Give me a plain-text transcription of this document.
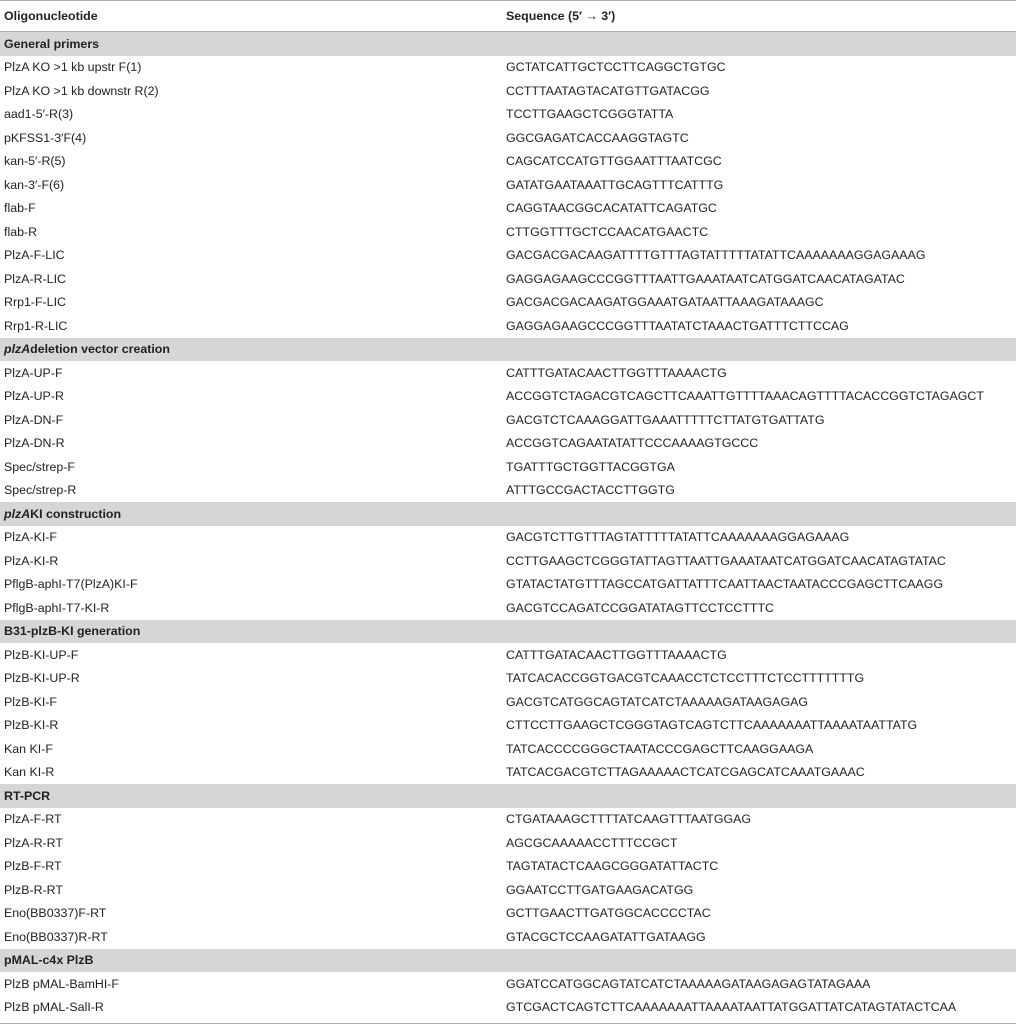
Oligonucleotide	Sequence (5′ → 3′)
General primers
PlzA KO >1 kb upstr F(1)	GCTATCATTGCTCCTTCAGGCTGTGC
PlzA KO >1 kb downstr R(2)	CCTTTAATAGTACATGTTGATACGG
aad1-5′-R(3)	TCCTTGAAGCTCGGGTATTA
pKFSS1-3′F(4)	GGCGAGATCACCAAGGTAGTC
kan-5′-R(5)	CAGCATCCATGTTGGAATTTAATCGC
kan-3′-F(6)	GATATGAATAAATTGCAGTTTCATTTG
flab-F	CAGGTAACGGCACATATTCAGATGC
flab-R	CTTGGTTTGCTCCAACATGAACTC
PlzA-F-LIC	GACGACGACAAGATTTTGTTTAGTATTTTTATATTCAAAAAAAGGAGAAAG
PlzA-R-LIC	GAGGAGAAGCCCGGTTTAATTGAAATAATCATGGATCAACATAGATAC
Rrp1-F-LIC	GACGACGACAAGATGGAAATGATAATTAAAGATAAAGC
Rrp1-R-LIC	GAGGAGAAGCCCGGTTTAATATCTAAACTGATTTCTTCCAG
plzA deletion vector creation
PlzA-UP-F	CATTTGATACAACTTGGTTTAAAACTG
PlzA-UP-R	ACCGGTCTAGACGTCAGCTTCAAATTGTTTTAAACAGTTTTACACCGGTCTAGAGCT
PlzA-DN-F	GACGTCTCAAAGGATTGAAATTTTTCTTATGTGATTATG
PlzA-DN-R	ACCGGTCAGAATATATTCCCAAAAGTGCCC
Spec/strep-F	TGATTTGCTGGTTACGGTGA
Spec/strep-R	ATTTGCCGACTACCTTGGTG
plzA KI construction
PlzA-KI-F	GACGTCTTGTTTAGTATTTTTATATTCAAAAAAAGGAGAAAG
PlzA-KI-R	CCTTGAAGCTCGGGTATTAGTTAATTGAAATAATCATGGATCAACATAGTATAC
PflgB-aphI-T7(PlzA)KI-F	GTATACTATGTTTAGCCATGATTATTTCAATTAACTAATACCCGAGCTTCAAGG
PflgB-aphI-T7-KI-R	GACGTCCAGATCCGGATATAGTTCCTCCTTTC
B31-plzB-KI generation
PlzB-KI-UP-F	CATTTGATACAACTTGGTTTAAAACTG
PlzB-KI-UP-R	TATCACACCGGTGACGTCAAACCTCTCCTTTCTCCTTTTTTTG
PlzB-KI-F	GACGTCATGGCAGTATCATCTAAAAAGATAAGAGAG
PlzB-KI-R	CTTCCTTGAAGCTCGGGTAGTCAGTCTTCAAAAAAATTAAAATAATTATG
Kan KI-F	TATCACCCCGGGCTAATACCCGAGCTTCAAGGAAGA
Kan KI-R	TATCACGACGTCTTAGAAAAACTCATCGAGCATCAAATGAAAC
RT-PCR
PlzA-F-RT	CTGATAAAGCTTTTATCAAGTTTAATGGAG
PlzA-R-RT	AGCGCAAAAACCTTTCCGCT
PlzB-F-RT	TAGTATACTCAAGCGGGATATTACTC
PlzB-R-RT	GGAATCCTTGATGAAGACATGG
Eno(BB0337)F-RT	GCTTGAACTTGATGGCACCCCTAC
Eno(BB0337)R-RT	GTACGCTCCAAGATATTGATAAGG
pMAL-c4x PlzB
PlzB pMAL-BamHI-F	GGATCCATGGCAGTATCATCTAAAAAGATAAGAGAGTATAGAAA
PlzB pMAL-SalI-R	GTCGACTCAGTCTTCAAAAAAATTAAAATAATTATGGATTATCATAGTATACTCAA
